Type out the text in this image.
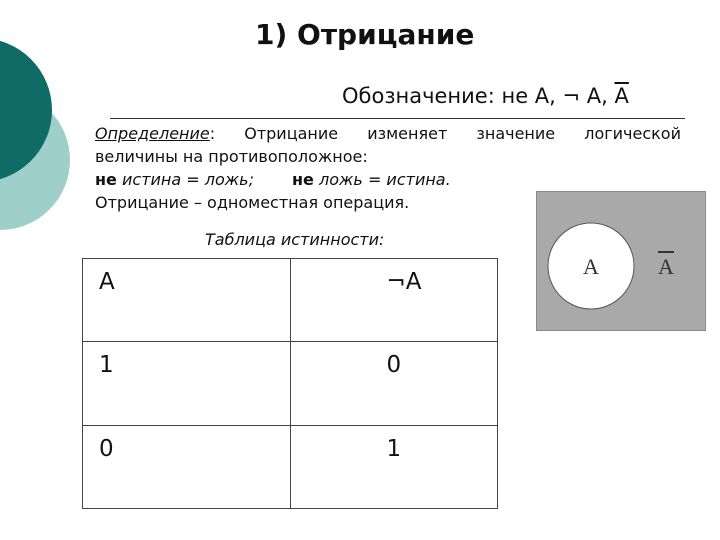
1) Отрицание
Обозначение: не А, ¬ А, А

Определение: Отрицание изменяет значение логической

величины на противоположное:

не истина = ложь; не ложь = истина.

Отрицание – одноместная операция.

Таблица истинности:
A	¬A
1	0
0	1
A	A
